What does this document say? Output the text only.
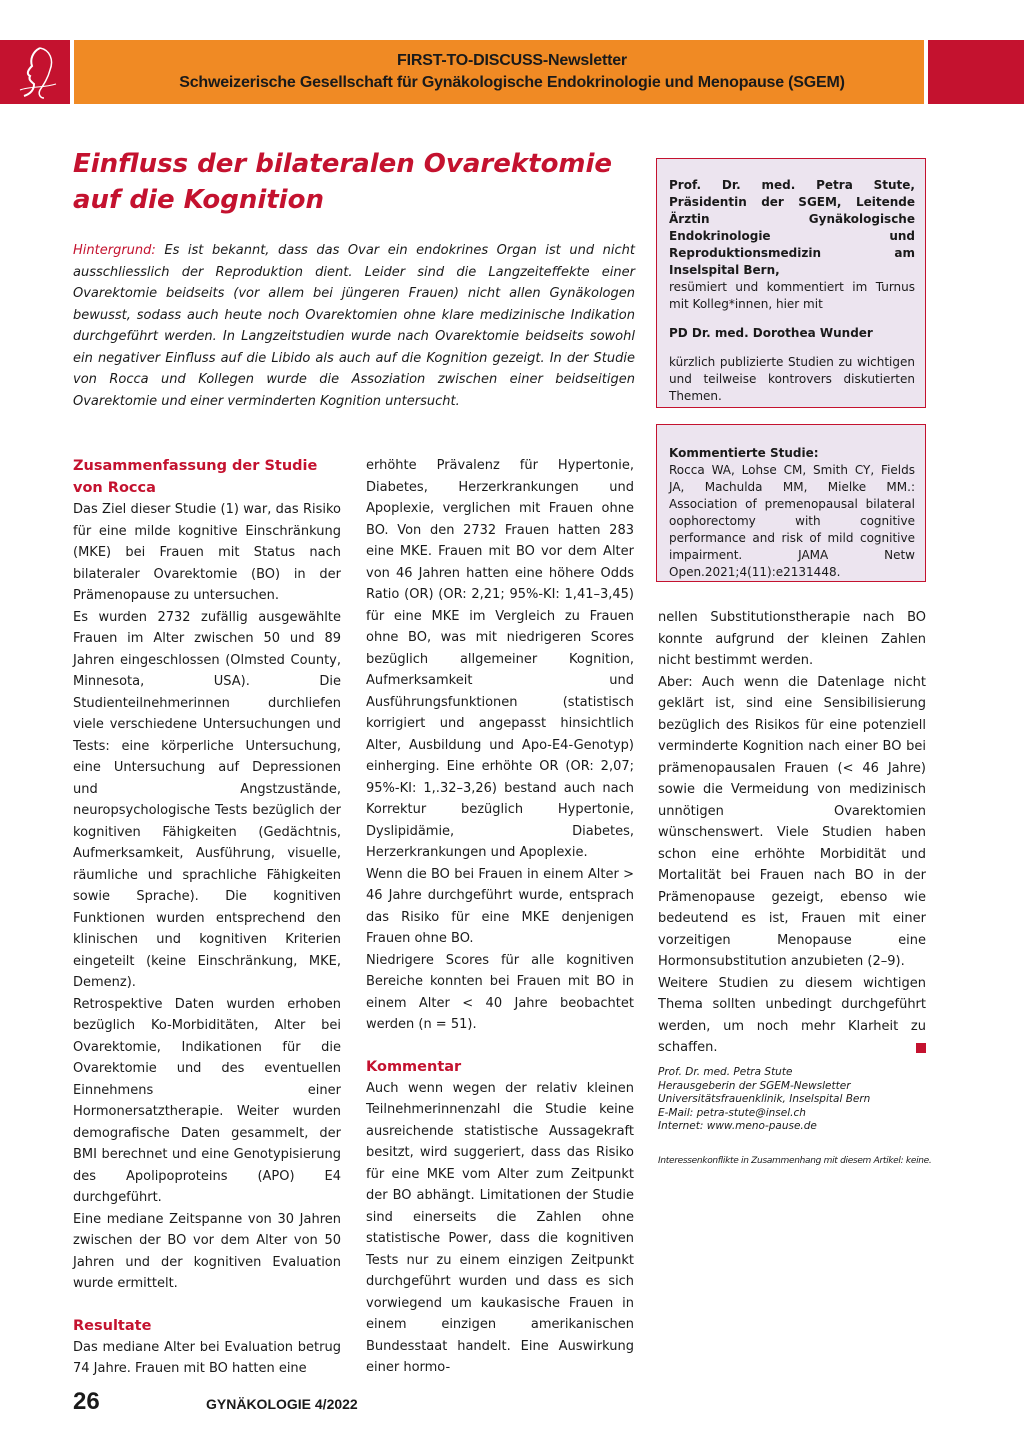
FIRST-TO-DISCUSS-Newsletter
Schweizerische Gesellschaft für Gynäkologische Endokrinologie und Menopause (SGEM)
Einfluss der bilateralen Ovarektomie auf die Kognition

Hintergrund: Es ist bekannt, dass das Ovar ein endokrines Organ ist und nicht ausschliesslich der Reproduktion dient. Leider sind die Langzeiteffekte einer Ovarektomie beidseits (vor allem bei jüngeren Frauen) nicht allen Gynäkologen bewusst, sodass auch heute noch Ovarektomien ohne klare medizinische Indikation durchgeführt werden. In Langzeitstudien wurde nach Ovarektomie beidseits sowohl ein negativer Einfluss auf die Libido als auch auf die Kognition gezeigt. In der Studie von Rocca und Kollegen wurde die Assoziation zwischen einer beidseitigen Ovarektomie und einer verminderten Kognition untersucht.

Zusammenfassung der Studie von Rocca

Das Ziel dieser Studie (1) war, das Risiko für eine milde kognitive Einschränkung (MKE) bei Frauen mit Status nach bilateraler Ovarektomie (BO) in der Prämenopause zu untersuchen.

Es wurden 2732 zufällig ausgewählte Frauen im Alter zwischen 50 und 89 Jahren eingeschlossen (Olmsted County, Minnesota, USA). Die Studienteilnehmerinnen durchliefen viele verschiedene Untersuchungen und Tests: eine körperliche Untersuchung, eine Untersuchung auf Depressionen und Angstzustände, neuropsychologische Tests bezüglich der kognitiven Fähigkeiten (Gedächtnis, Aufmerksamkeit, Ausführung, visuelle, räumliche und sprachliche Fähigkeiten sowie Sprache). Die kognitiven Funktionen wurden entsprechend den klinischen und kognitiven Kriterien eingeteilt (keine Einschränkung, MKE, Demenz).

Retrospektive Daten wurden erhoben bezüglich Ko-Morbiditäten, Alter bei Ovarektomie, Indikationen für die Ovarektomie und des eventuellen Einnehmens einer Hormonersatztherapie. Weiter wurden demografische Daten gesammelt, der BMI berechnet und eine Genotypisierung des Apolipoproteins (APO) E4 durchgeführt.

Eine mediane Zeitspanne von 30 Jahren zwischen der BO vor dem Alter von 50 Jahren und der kognitiven Evaluation wurde ermittelt.

Resultate

Das mediane Alter bei Evaluation betrug 74 Jahre. Frauen mit BO hatten eine

erhöhte Prävalenz für Hypertonie, Diabetes, Herzerkrankungen und Apoplexie, verglichen mit Frauen ohne BO. Von den 2732 Frauen hatten 283 eine MKE. Frauen mit BO vor dem Alter von 46 Jahren hatten eine höhere Odds Ratio (OR) (OR: 2,21; 95%-KI: 1,41–3,45) für eine MKE im Vergleich zu Frauen ohne BO, was mit niedrigeren Scores bezüglich allgemeiner Kognition, Aufmerksamkeit und Ausführungsfunktionen (statistisch korrigiert und angepasst hinsichtlich Alter, Ausbildung und Apo-E4-Genotyp) einherging. Eine erhöhte OR (OR: 2,07; 95%-KI: 1,.32–3,26) bestand auch nach Korrektur bezüglich Hypertonie, Dyslipidämie, Diabetes, Herzerkrankungen und Apoplexie.

Wenn die BO bei Frauen in einem Alter > 46 Jahre durchgeführt wurde, entsprach das Risiko für eine MKE denjenigen Frauen ohne BO.

Niedrigere Scores für alle kognitiven Bereiche konnten bei Frauen mit BO in einem Alter < 40 Jahre beobachtet werden (n = 51).

Kommentar

Auch wenn wegen der relativ kleinen Teilnehmerinnenzahl die Studie keine ausreichende statistische Aussagekraft besitzt, wird suggeriert, dass das Risiko für eine MKE vom Alter zum Zeitpunkt der BO abhängt. Limitationen der Studie sind einerseits die Zahlen ohne statistische Power, dass die kognitiven Tests nur zu einem einzigen Zeitpunkt durchgeführt wurden und dass es sich vorwiegend um kaukasische Frauen in einem einzigen amerikanischen Bundesstaat handelt. Eine Auswirkung einer hormo-

nellen Substitutionstherapie nach BO konnte aufgrund der kleinen Zahlen nicht bestimmt werden.

Aber: Auch wenn die Datenlage nicht geklärt ist, sind eine Sensibilisierung bezüglich des Risikos für eine potenziell verminderte Kognition nach einer BO bei prämenopausalen Frauen (< 46 Jahre) sowie die Vermeidung von medizinisch unnötigen Ovarektomien wünschenswert. Viele Studien haben schon eine erhöhte Morbidität und Mortalität bei Frauen nach BO in der Prämenopause gezeigt, ebenso wie bedeutend es ist, Frauen mit einer vorzeitigen Menopause eine Hormonsubstitution anzubieten (2–9).

Weitere Studien zu diesem wichtigen Thema sollten unbedingt durchgeführt werden, um noch mehr Klarheit zu schaffen.

Prof. Dr. med. Petra Stute, Präsidentin der SGEM, Leitende Ärztin Gynäkologische Endokrinologie und Reproduktionsmedizin am Inselspital Bern,

resümiert und kommentiert im Turnus mit Kolleg*innen, hier mit

PD Dr. med. Dorothea Wunder

kürzlich publizierte Studien zu wichtigen und teilweise kontrovers diskutierten Themen.

Kommentierte Studie:

Rocca WA, Lohse CM, Smith CY, Fields JA, Machulda MM, Mielke MM.: Association of premenopausal bilateral oophorectomy with cognitive performance and risk of mild cognitive impairment. JAMA Netw Open.2021;4(11):e2131448.

Prof. Dr. med. Petra Stute
Herausgeberin der SGEM-Newsletter
Universitätsfrauenklinik, Inselspital Bern
E-Mail: petra-stute@insel.ch
Internet: www.meno-pause.de
Interessenkonflikte in Zusammenhang mit diesem Artikel: keine.
26	GYNÄKOLOGIE 4/2022
